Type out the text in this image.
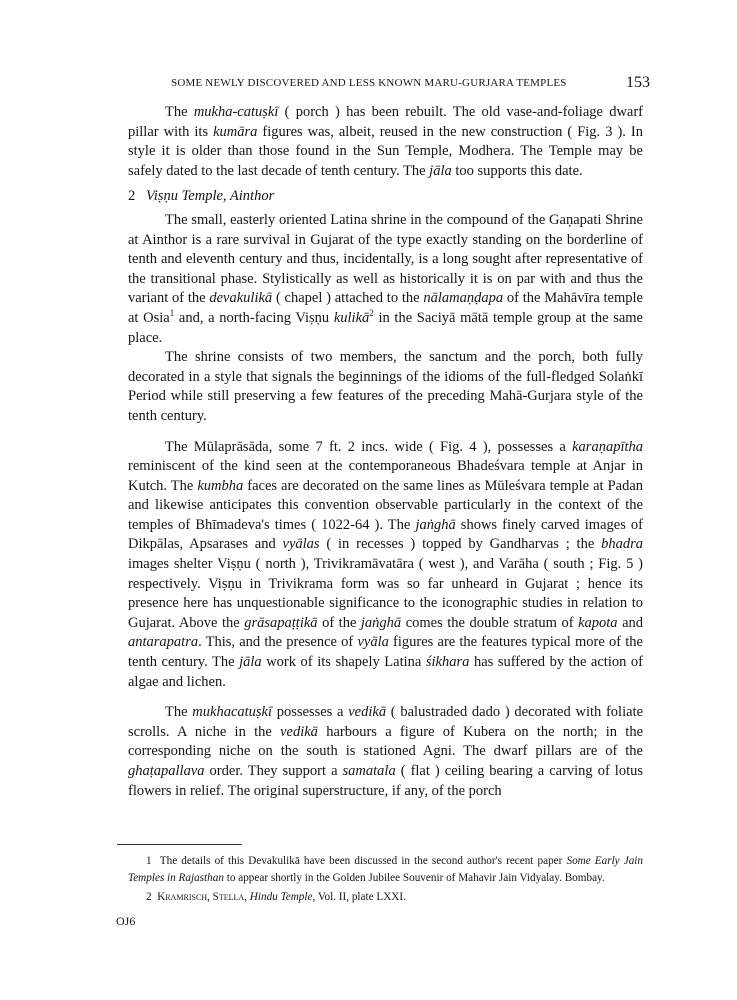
SOME NEWLY DISCOVERED AND LESS KNOWN MARU-GURJARA TEMPLES	153

The mukha-catuṣkī ( porch ) has been rebuilt. The old vase-and-foliage dwarf pillar with its kumāra figures was, albeit, reused in the new construction ( Fig. 3 ). In style it is older than those found in the Sun Temple, Modhera. The Temple may be safely dated to the last decade of tenth century. The jāla too supports this date.

2 Viṣṇu Temple, Ainthor

The small, easterly oriented Latina shrine in the compound of the Gaṇapati Shrine at Ainthor is a rare survival in Gujarat of the type exactly standing on the borderline of tenth and eleventh century and thus, incidentally, is a long sought after representative of the transitional phase. Stylistically as well as historically it is on par with and thus the variant of the devakulikā ( chapel ) attached to the nālamaṇḍapa of the Mahāvīra temple at Osia$^1$ and, a north-facing Viṣṇu kulikā$^2$ in the Saciyā mātā temple group at the same place.

The shrine consists of two members, the sanctum and the porch, both fully decorated in a style that signals the beginnings of the idioms of the full-fledged Solaṅkī Period while still preserving a few features of the preceding Mahā-Gurjara style of the tenth century.

The Mūlaprāsāda, some 7 ft. 2 incs. wide ( Fig. 4 ), possesses a karaṇapītha reminiscent of the kind seen at the contemporaneous Bhadeśvara temple at Anjar in Kutch. The kumbha faces are decorated on the same lines as Mūleśvara temple at Padan and likewise anticipates this convention observable particularly in the context of the temples of Bhīmadeva's times ( 1022-64 ). The jaṅghā shows finely carved images of Dikpālas, Apsarases and vyālas ( in recesses ) topped by Gandharvas ; the bhadra images shelter Viṣṇu ( north ), Trivikramāvatāra ( west ), and Varāha ( south ; Fig. 5 ) respectively. Viṣṇu in Trivikrama form was so far unheard in Gujarat ; hence its presence here has unquestionable significance to the iconographic studies in relation to Gujarat. Above the grāsapaṭṭikā of the jaṅghā comes the double stratum of kapota and antarapatra. This, and the presence of vyāla figures are the features typical more of the tenth century. The jāla work of its shapely Latina śikhara has suffered by the action of algae and lichen.

The mukhacatuṣkī possesses a vedikā ( balustraded dado ) decorated with foliate scrolls. A niche in the vedikā harbours a figure of Kubera on the north; in the corresponding niche on the south is stationed Agni. The dwarf pillars are of the ghaṭapallava order. They support a samatala ( flat ) ceiling bearing a carving of lotus flowers in relief. The original superstructure, if any, of the porch

1 The details of this Devakulikā have been discussed in the second author's recent paper Some Early Jain Temples in Rajasthan to appear shortly in the Golden Jubilee Souvenir of Mahavir Jain Vidyalay. Bombay.

2 Kramrisch, Stella, Hindu Temple, Vol. II, plate LXXI.

OJ6
